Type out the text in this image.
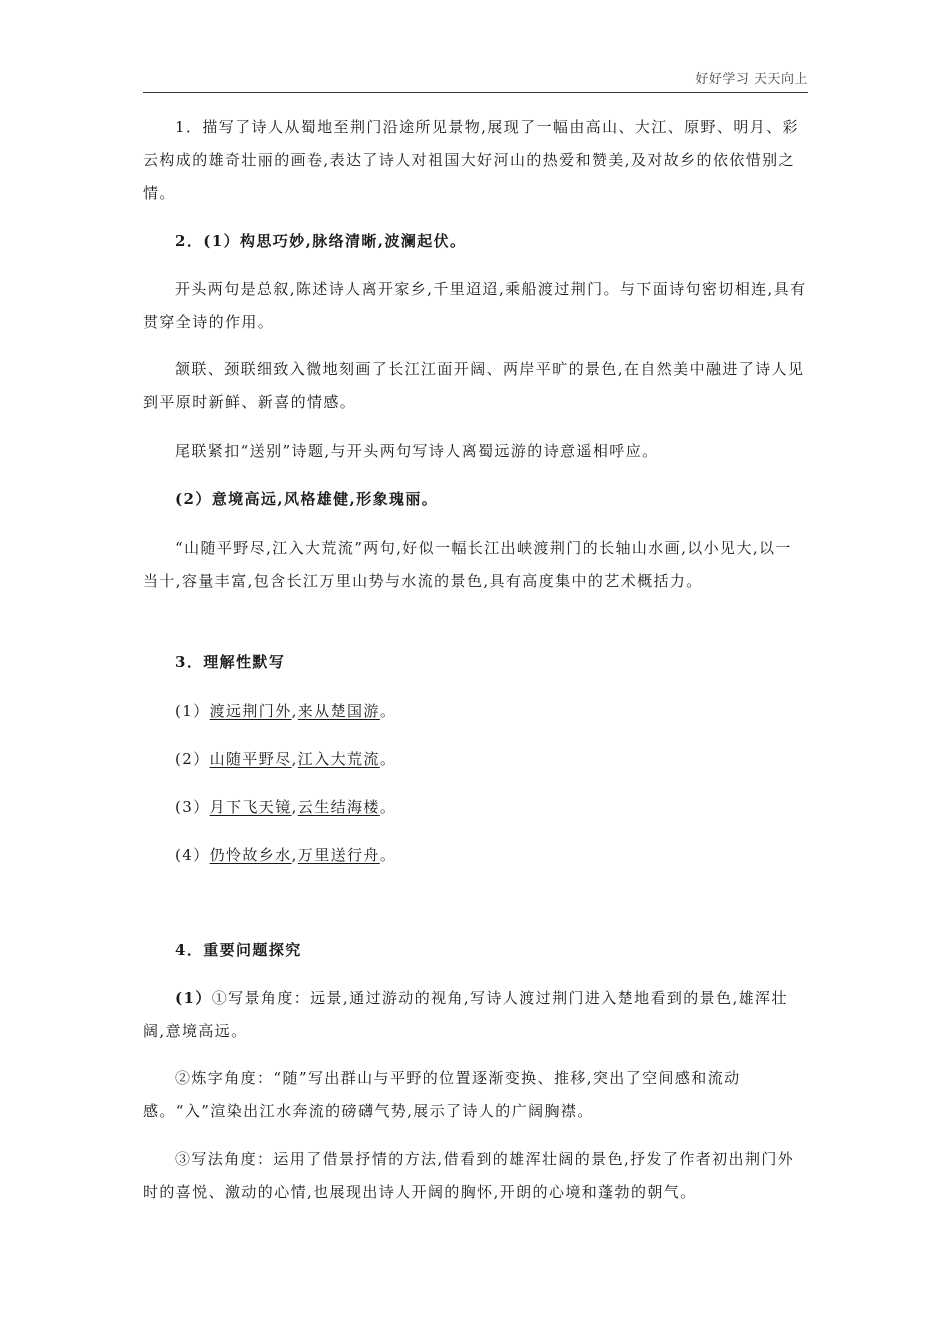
好好学习 天天向上

1．描写了诗人从蜀地至荆门沿途所见景物,展现了一幅由高山、大江、原野、明月、彩云构成的雄奇壮丽的画卷,表达了诗人对祖国大好河山的热爱和赞美,及对故乡的依依惜别之情。

2．(1）构思巧妙,脉络清晰,波澜起伏。

开头两句是总叙,陈述诗人离开家乡,千里迢迢,乘船渡过荆门。与下面诗句密切相连,具有贯穿全诗的作用。

颔联、颈联细致入微地刻画了长江江面开阔、两岸平旷的景色,在自然美中融进了诗人见到平原时新鲜、新喜的情感。

尾联紧扣“送别”诗题,与开头两句写诗人离蜀远游的诗意遥相呼应。

(2）意境高远,风格雄健,形象瑰丽。

“山随平野尽,江入大荒流”两句,好似一幅长江出峡渡荆门的长轴山水画,以小见大,以一当十,容量丰富,包含长江万里山势与水流的景色,具有高度集中的艺术概括力。

3．理解性默写

(1）渡远荆门外,来从楚国游。

(2）山随平野尽,江入大荒流。

(3）月下飞天镜,云生结海楼。

(4）仍怜故乡水,万里送行舟。

4．重要问题探究

(1）①写景角度：远景,通过游动的视角,写诗人渡过荆门进入楚地看到的景色,雄浑壮阔,意境高远。

②炼字角度：“随”写出群山与平野的位置逐渐变换、推移,突出了空间感和流动感。“入”渲染出江水奔流的磅礴气势,展示了诗人的广阔胸襟。

③写法角度：运用了借景抒情的方法,借看到的雄浑壮阔的景色,抒发了作者初出荆门外时的喜悦、激动的心情,也展现出诗人开阔的胸怀,开朗的心境和蓬勃的朝气。
